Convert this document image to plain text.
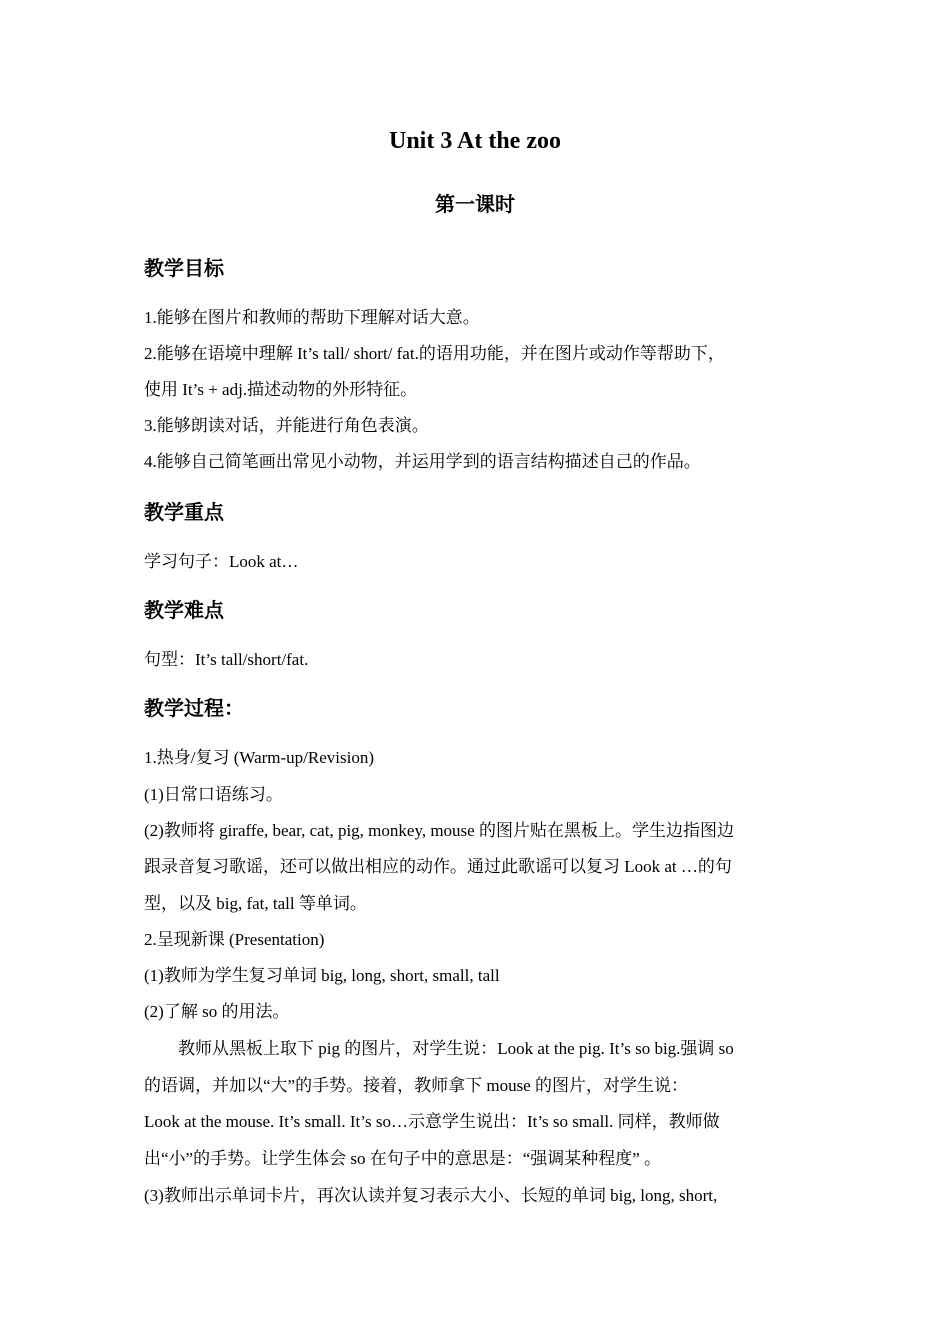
Unit 3 At the zoo
第一课时
教学目标
1.能够在图片和教师的帮助下理解对话大意。
2.能够在语境中理解 It’s tall/ short/ fat.的语用功能，并在图片或动作等帮助下，
使用 It’s + adj.描述动物的外形特征。
3.能够朗读对话，并能进行角色表演。
4.能够自己简笔画出常见小动物，并运用学到的语言结构描述自己的作品。
教学重点
学习句子：Look at…
教学难点
句型：It’s tall/short/fat.
教学过程：
1.热身/复习 (Warm-up/Revision)
(1)日常口语练习。
(2)教师将 giraffe, bear, cat, pig, monkey, mouse 的图片贴在黑板上。学生边指图边
跟录音复习歌谣，还可以做出相应的动作。通过此歌谣可以复习 Look at …的句
型，以及 big, fat, tall 等单词。
2.呈现新课 (Presentation)
(1)教师为学生复习单词 big, long, short, small, tall
(2)了解 so 的用法。
教师从黑板上取下 pig 的图片，对学生说：Look at the pig. It’s so big.强调 so
的语调，并加以“大”的手势。接着，教师拿下 mouse 的图片，对学生说：
Look at the mouse. It’s small. It’s so…示意学生说出：It’s so small. 同样，教师做
出“小”的手势。让学生体会 so 在句子中的意思是：“强调某种程度” 。
(3)教师出示单词卡片，再次认读并复习表示大小、长短的单词 big, long, short,
